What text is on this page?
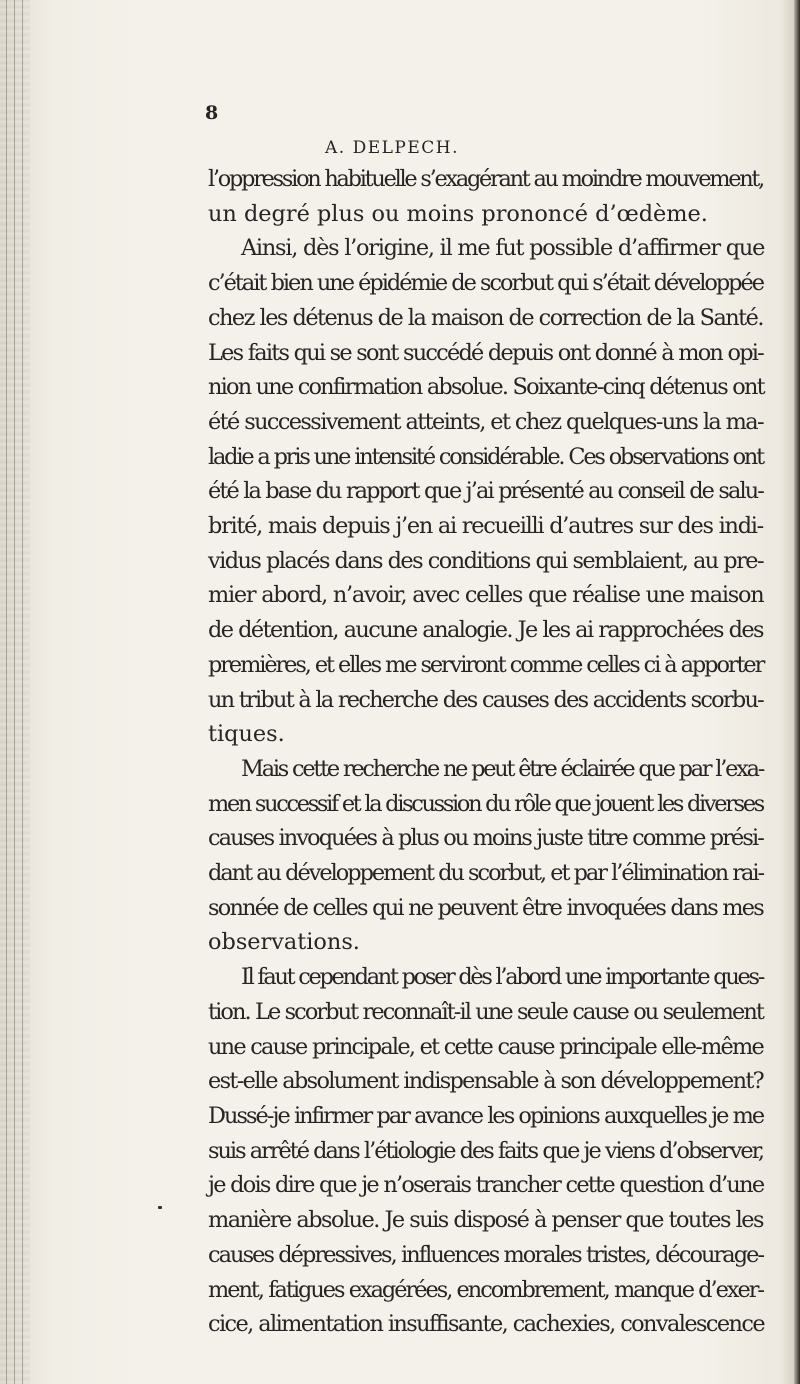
8
A. DELPECH.
l’oppression habituelle s’exagérant au moindre mouvement,
un degré plus ou moins prononcé d’œdème.
Ainsi, dès l’origine, il me fut possible d’affirmer que
c’était bien une épidémie de scorbut qui s’était développée
chez les détenus de la maison de correction de la Santé.
Les faits qui se sont succédé depuis ont donné à mon opi-
nion une confirmation absolue. Soixante-cinq détenus ont
été successivement atteints, et chez quelques-uns la ma-
ladie a pris une intensité considérable. Ces observations ont
été la base du rapport que j’ai présenté au conseil de salu-
brité, mais depuis j’en ai recueilli d’autres sur des indi-
vidus placés dans des conditions qui semblaient, au pre-
mier abord, n’avoir, avec celles que réalise une maison
de détention, aucune analogie. Je les ai rapprochées des
premières, et elles me serviront comme celles ci à apporter
un tribut à la recherche des causes des accidents scorbu-
tiques.
Mais cette recherche ne peut être éclairée que par l’exa-
men successif et la discussion du rôle que jouent les diverses
causes invoquées à plus ou moins juste titre comme prési-
dant au développement du scorbut, et par l’élimination rai-
sonnée de celles qui ne peuvent être invoquées dans mes
observations.
Il faut cependant poser dès l’abord une importante ques-
tion. Le scorbut reconnaît-il une seule cause ou seulement
une cause principale, et cette cause principale elle-même
est-elle absolument indispensable à son développement?
Dussé-je infirmer par avance les opinions auxquelles je me
suis arrêté dans l’étiologie des faits que je viens d’observer,
je dois dire que je n’oserais trancher cette question d’une
manière absolue. Je suis disposé à penser que toutes les
causes dépressives, influences morales tristes, décourage-
ment, fatigues exagérées, encombrement, manque d’exer-
cice, alimentation insuffisante, cachexies, convalescence
